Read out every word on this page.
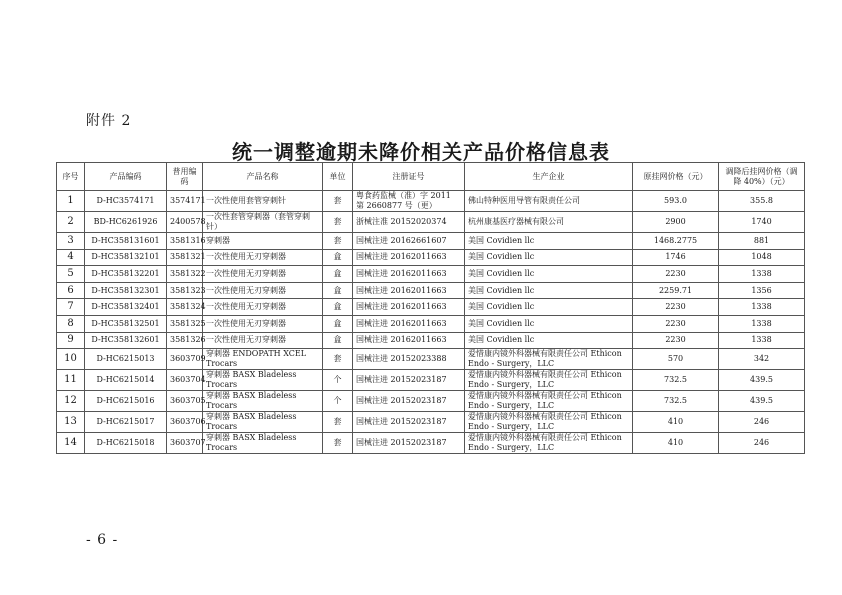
附件 2
统一调整逾期未降价相关产品价格信息表
序号	产品编码	普用编码	产品名称	单位	注册证号	生产企业	原挂网价格（元）	调降后挂网价格（调降 40%）（元）
1	D-HC3574171	3574171	一次性使用套管穿刺针	套	粤食药监械（准）字 2011 第 2660877 号（更）	佛山特种医用导管有限责任公司	593.0	355.8
2	BD-HC6261926	2400578	一次性套管穿刺器（套管穿刺针）	套	浙械注准 20152020374	杭州康基医疗器械有限公司	2900	1740
3	D-HC358131601	3581316	穿刺器	套	国械注进 20162661607	美国 Covidien llc	1468.2775	881
4	D-HC358132101	3581321	一次性使用无刃穿刺器	盒	国械注进 20162011663	美国 Covidien llc	1746	1048
5	D-HC358132201	3581322	一次性使用无刃穿刺器	盒	国械注进 20162011663	美国 Covidien llc	2230	1338
6	D-HC358132301	3581323	一次性使用无刃穿刺器	盒	国械注进 20162011663	美国 Covidien llc	2259.71	1356
7	D-HC358132401	3581324	一次性使用无刃穿刺器	盒	国械注进 20162011663	美国 Covidien llc	2230	1338
8	D-HC358132501	3581325	一次性使用无刃穿刺器	盒	国械注进 20162011663	美国 Covidien llc	2230	1338
9	D-HC358132601	3581326	一次性使用无刃穿刺器	盒	国械注进 20162011663	美国 Covidien llc	2230	1338
10	D-HC6215013	3603709	穿刺器 ENDOPATH XCEL Trocars	套	国械注进 20152023388	爱惜康内镜外科器械有限责任公司 Ethicon Endo - Surgery，LLC	570	342
11	D-HC6215014	3603704	穿刺器 BASX Bladeless Trocars	个	国械注进 20152023187	爱惜康内镜外科器械有限责任公司 Ethicon Endo - Surgery，LLC	732.5	439.5
12	D-HC6215016	3603705	穿刺器 BASX Bladeless Trocars	个	国械注进 20152023187	爱惜康内镜外科器械有限责任公司 Ethicon Endo - Surgery，LLC	732.5	439.5
13	D-HC6215017	3603706	穿刺器 BASX Bladeless Trocars	套	国械注进 20152023187	爱惜康内镜外科器械有限责任公司 Ethicon Endo - Surgery，LLC	410	246
14	D-HC6215018	3603707	穿刺器 BASX Bladeless Trocars	套	国械注进 20152023187	爱惜康内镜外科器械有限责任公司 Ethicon Endo - Surgery，LLC	410	246
- 6 -
